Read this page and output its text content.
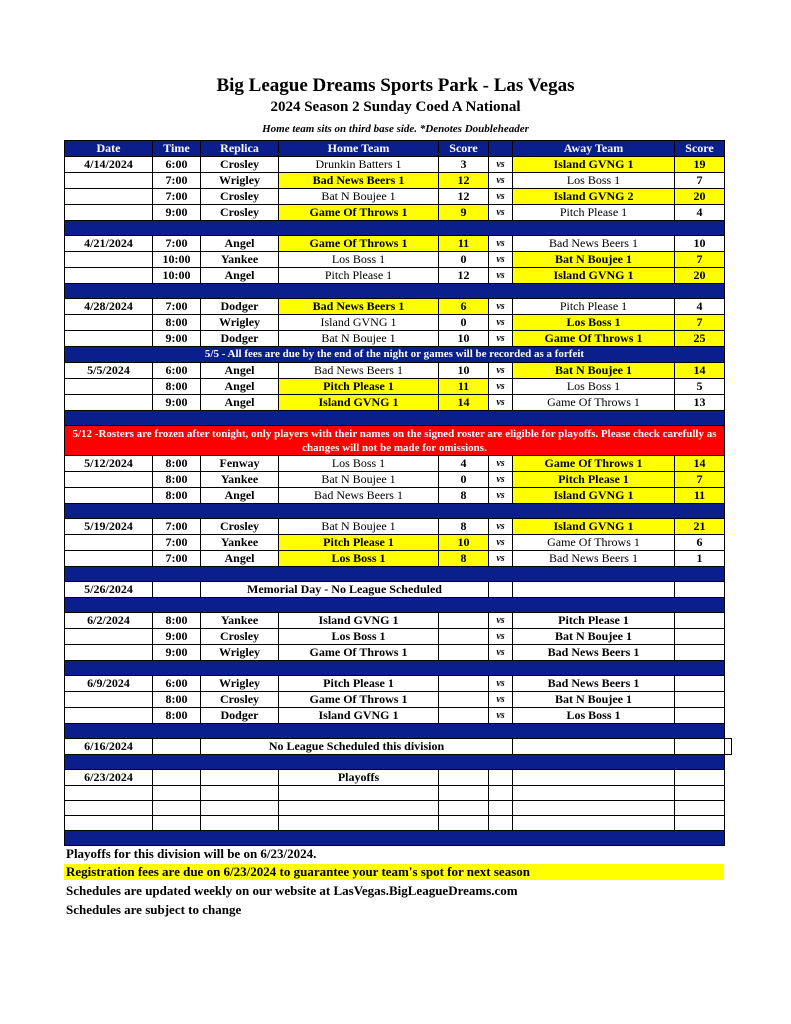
Big League Dreams Sports Park - Las Vegas
2024 Season 2 Sunday Coed A National
Home team sits on third base side. *Denotes Doubleheader
Date	Time	Replica	Home Team	Score		Away Team	Score	
4/14/2024	6:00	Crosley	Drunkin Batters 1	3	vs	Island GVNG 1	19	
	7:00	Wrigley	Bad News Beers 1	12	vs	Los Boss 1	7	
	7:00	Crosley	Bat N Boujee 1	12	vs	Island GVNG 2	20	
	9:00	Crosley	Game Of Throws 1	9	vs	Pitch Please 1	4	

4/21/2024	7:00	Angel	Game Of Throws 1	11	vs	Bad News Beers 1	10	
	10:00	Yankee	Los Boss 1	0	vs	Bat N Boujee 1	7	
	10:00	Angel	Pitch Please 1	12	vs	Island GVNG 1	20	

4/28/2024	7:00	Dodger	Bad News Beers 1	6	vs	Pitch Please 1	4	
	8:00	Wrigley	Island GVNG 1	0	vs	Los Boss 1	7	
	9:00	Dodger	Bat N Boujee 1	10	vs	Game Of Throws 1	25	
5/5 - All fees are due by the end of the night or games will be recorded as a forfeit								
5/5/2024	6:00	Angel	Bad News Beers 1	10	vs	Bat N Boujee 1	14	
	8:00	Angel	Pitch Please 1	11	vs	Los Boss 1	5	
	9:00	Angel	Island GVNG 1	14	vs	Game Of Throws 1	13	

5/12 -Rosters are frozen after tonight, only players with their names on the signed roster are eligible for playoffs. Please check carefully as changes will not be made for omissions.								
5/12/2024	8:00	Fenway	Los Boss 1	4	vs	Game Of Throws 1	14	
	8:00	Yankee	Bat N Boujee 1	0	vs	Pitch Please 1	7	
	8:00	Angel	Bad News Beers 1	8	vs	Island GVNG 1	11	

5/19/2024	7:00	Crosley	Bat N Boujee 1	8	vs	Island GVNG 1	21	
	7:00	Yankee	Pitch Please 1	10	vs	Game Of Throws 1	6	
	7:00	Angel	Los Boss 1	8	vs	Bad News Beers 1	1	

5/26/2024		Memorial Day - No League Scheduled						

6/2/2024	8:00	Yankee	Island GVNG 1		vs	Pitch Please 1		
	9:00	Crosley	Los Boss 1		vs	Bat N Boujee 1		
	9:00	Wrigley	Game Of Throws 1		vs	Bad News Beers 1		

6/9/2024	6:00	Wrigley	Pitch Please 1		vs	Bad News Beers 1		
	8:00	Crosley	Game Of Throws 1		vs	Bat N Boujee 1		
	8:00	Dodger	Island GVNG 1		vs	Los Boss 1		

6/16/2024		No League Scheduled this division						

6/23/2024			Playoffs					

Playoffs for this division will be on 6/23/2024.
Registration fees are due on 6/23/2024 to guarantee your team's spot for next season
Schedules are updated weekly on our website at LasVegas.BigLeagueDreams.com
Schedules are subject to change
